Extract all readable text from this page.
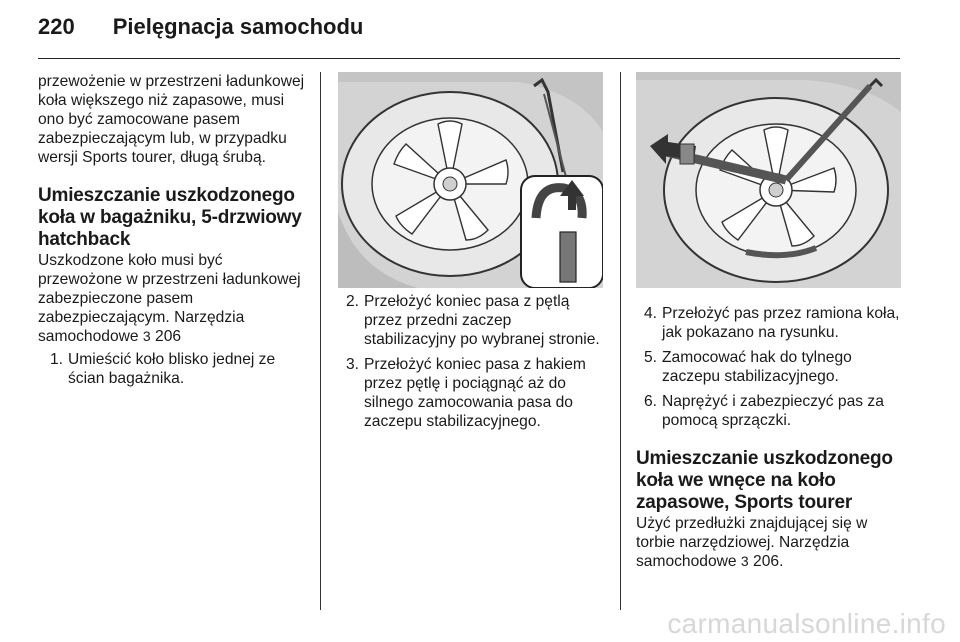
220 Pielęgnacja samochodu

przewożenie w przestrzeni ładunkowej koła większego niż zapasowe, musi ono być zamocowane pasem zabezpieczającym lub, w przypadku wersji Sports tourer, długą śrubą.

Umieszczanie uszkodzonego koła w bagażniku, 5-drzwiowy hatchback

Uszkodzone koło musi być przewożone w przestrzeni ładunkowej zabezpieczone pasem zabezpieczającym. Narzędzia samochodowe 3 206

1. Umieścić koło blisko jednej ze ścian bagażnika.
2. Przełożyć koniec pasa z pętlą przez przedni zaczep stabilizacyjny po wybranej stronie.
3. Przełożyć koniec pasa z hakiem przez pętlę i pociągnąć aż do silnego zamocowania pasa do zaczepu stabilizacyjnego.
4. Przełożyć pas przez ramiona koła, jak pokazano na rysunku.
5. Zamocować hak do tylnego zaczepu stabilizacyjnego.
6. Naprężyć i zabezpieczyć pas za pomocą sprzączki.
Umieszczanie uszkodzonego koła we wnęce na koło zapasowe, Sports tourer

Użyć przedłużki znajdującej się w torbie narzędziowej. Narzędzia samochodowe 3 206.

carmanualsonline.info
